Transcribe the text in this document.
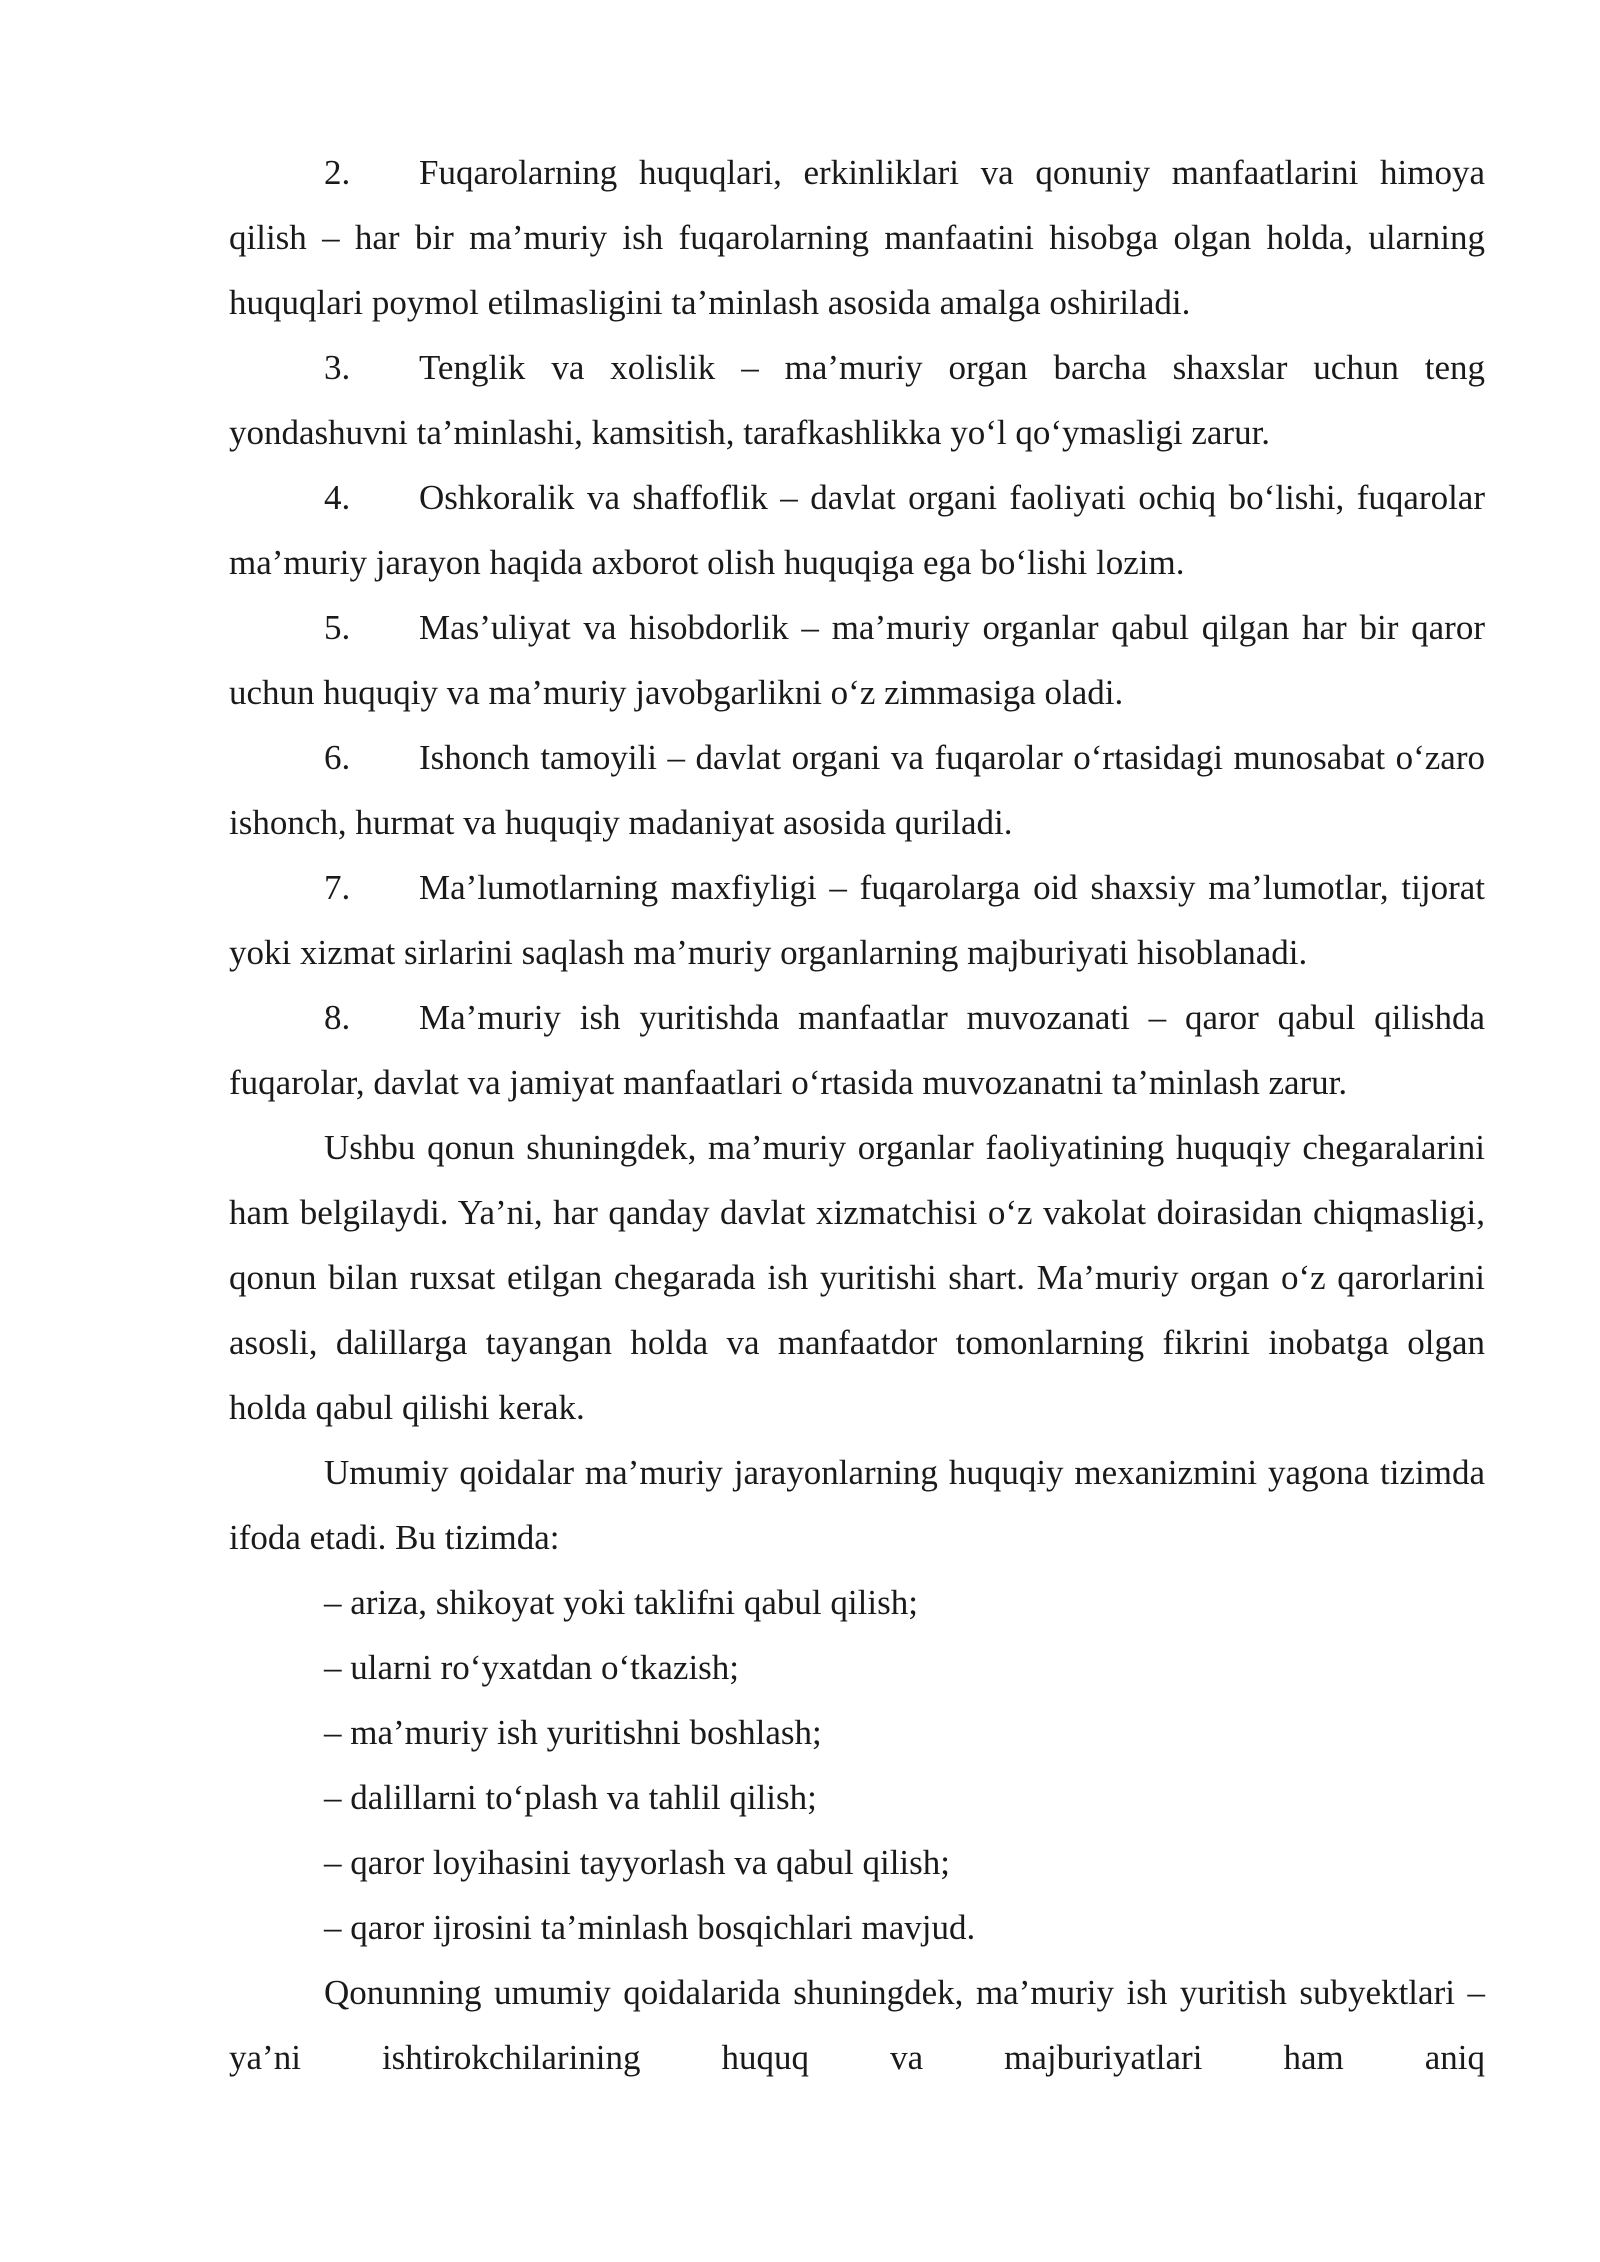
2. Fuqarolarning huquqlari, erkinliklari va qonuniy manfaatlarini himoya qilish – har bir ma’muriy ish fuqarolarning manfaatini hisobga olgan holda, ularning huquqlari poymol etilmasligini ta’minlash asosida amalga oshiriladi.

3. Tenglik va xolislik – ma’muriy organ barcha shaxslar uchun teng yondashuvni ta’minlashi, kamsitish, tarafkashlikka yo‘l qo‘ymasligi zarur.

4. Oshkoralik va shaffoflik – davlat organi faoliyati ochiq bo‘lishi, fuqarolar ma’muriy jarayon haqida axborot olish huquqiga ega bo‘lishi lozim.

5. Mas’uliyat va hisobdorlik – ma’muriy organlar qabul qilgan har bir qaror uchun huquqiy va ma’muriy javobgarlikni o‘z zimmasiga oladi.

6. Ishonch tamoyili – davlat organi va fuqarolar o‘rtasidagi munosabat o‘zaro ishonch, hurmat va huquqiy madaniyat asosida quriladi.

7. Ma’lumotlarning maxfiyligi – fuqarolarga oid shaxsiy ma’lumotlar, tijorat yoki xizmat sirlarini saqlash ma’muriy organlarning majburiyati hisoblanadi.

8. Ma’muriy ish yuritishda manfaatlar muvozanati – qaror qabul qilishda fuqarolar, davlat va jamiyat manfaatlari o‘rtasida muvozanatni ta’minlash zarur.

Ushbu qonun shuningdek, ma’muriy organlar faoliyatining huquqiy chegaralarini ham belgilaydi. Ya’ni, har qanday davlat xizmatchisi o‘z vakolat doirasidan chiqmasligi, qonun bilan ruxsat etilgan chegarada ish yuritishi shart. Ma’muriy organ o‘z qarorlarini asosli, dalillarga tayangan holda va manfaatdor tomonlarning fikrini inobatga olgan holda qabul qilishi kerak.

Umumiy qoidalar ma’muriy jarayonlarning huquqiy mexanizmini yagona tizimda ifoda etadi. Bu tizimda:

– ariza, shikoyat yoki taklifni qabul qilish;

– ularni ro‘yxatdan o‘tkazish;

– ma’muriy ish yuritishni boshlash;

– dalillarni to‘plash va tahlil qilish;

– qaror loyihasini tayyorlash va qabul qilish;

– qaror ijrosini ta’minlash bosqichlari mavjud.

Qonunning umumiy qoidalarida shuningdek, ma’muriy ish yuritish subyektlari – ya’ni ishtirokchilarining huquq va majburiyatlari ham aniq
